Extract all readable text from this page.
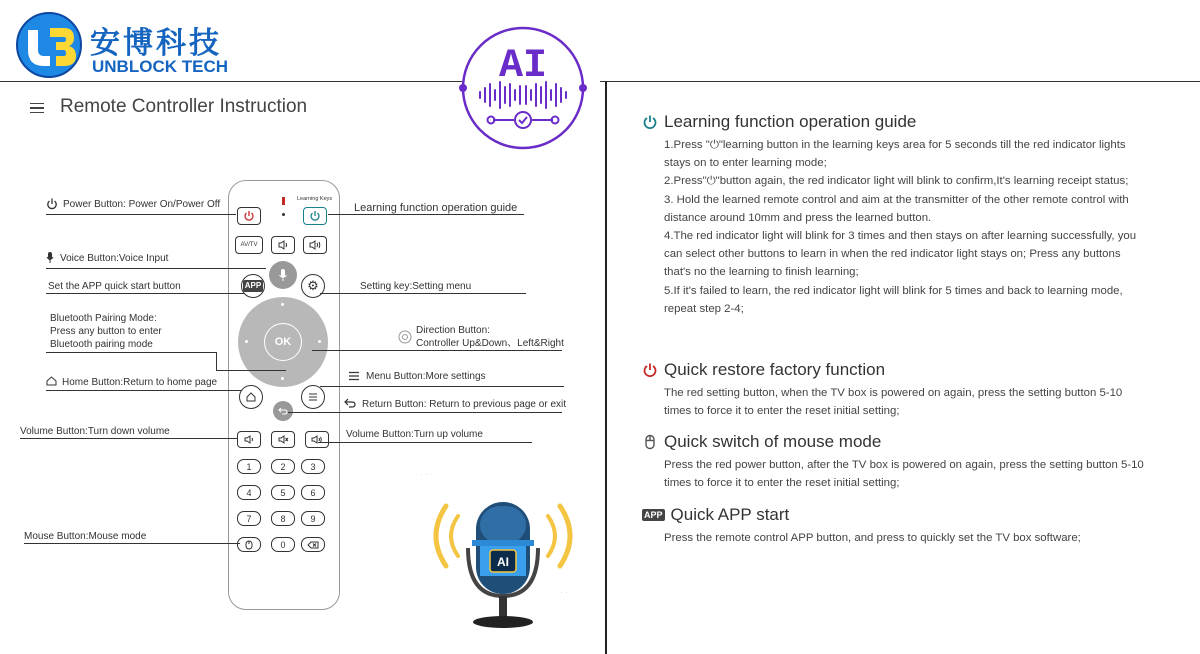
安博科技
UNBLOCK TECH	AI
Remote Controller Instruction
Learning Keys
AV/TV
APP	⚙
OK
1	2	3
4	5	6
7	8	9
0
Power Button: Power On/Power Off	Learning function operation guide
Voice Button:Voice Input
Set the APP quick start button	Setting key:Setting menu
Bluetooth Pairing Mode:
Press any button to enter
Bluetooth pairing mode
Direction Button:
Controller Up&Down、Left&Right
Menu Button:More settings
Home Button:Return to home page
Return Button: Return to previous page or exit
Volume Button:Turn down volume	Volume Button:Turn up volume
Mouse Button:Mouse mode
· · ·
· ·
AI
Learning function operation guide

1.Press "⏻"learning button in the learning keys area for 5 seconds till the red indicator lights stays on to enter learning mode;

2.Press"⏻"button again, the red indicator light will blink to confirm,It's learning receipt status;

3. Hold the learned remote control and aim at the transmitter of the other remote control with distance around 10mm and press the learned button.

4.The red indicator light will blink for 3 times and then stays on after learning successfully, you can select other buttons to learn in when the red indicator light stays on; Press any buttons that's no the learning to finish learning;

5.If it's failed to learn, the red indicator light will blink for 5 times and back to learning mode, repeat step 2-4;

Quick restore factory function

The red setting button, when the TV box is powered on again, press the setting button 5-10 times to force it to enter the reset initial setting;

Quick switch of mouse mode

Press the red power button, after the TV box is powered on again, press the setting button 5-10 times to force it to enter the reset initial setting;

APP Quick APP start

Press the remote control APP button, and press to quickly set the TV box software;
